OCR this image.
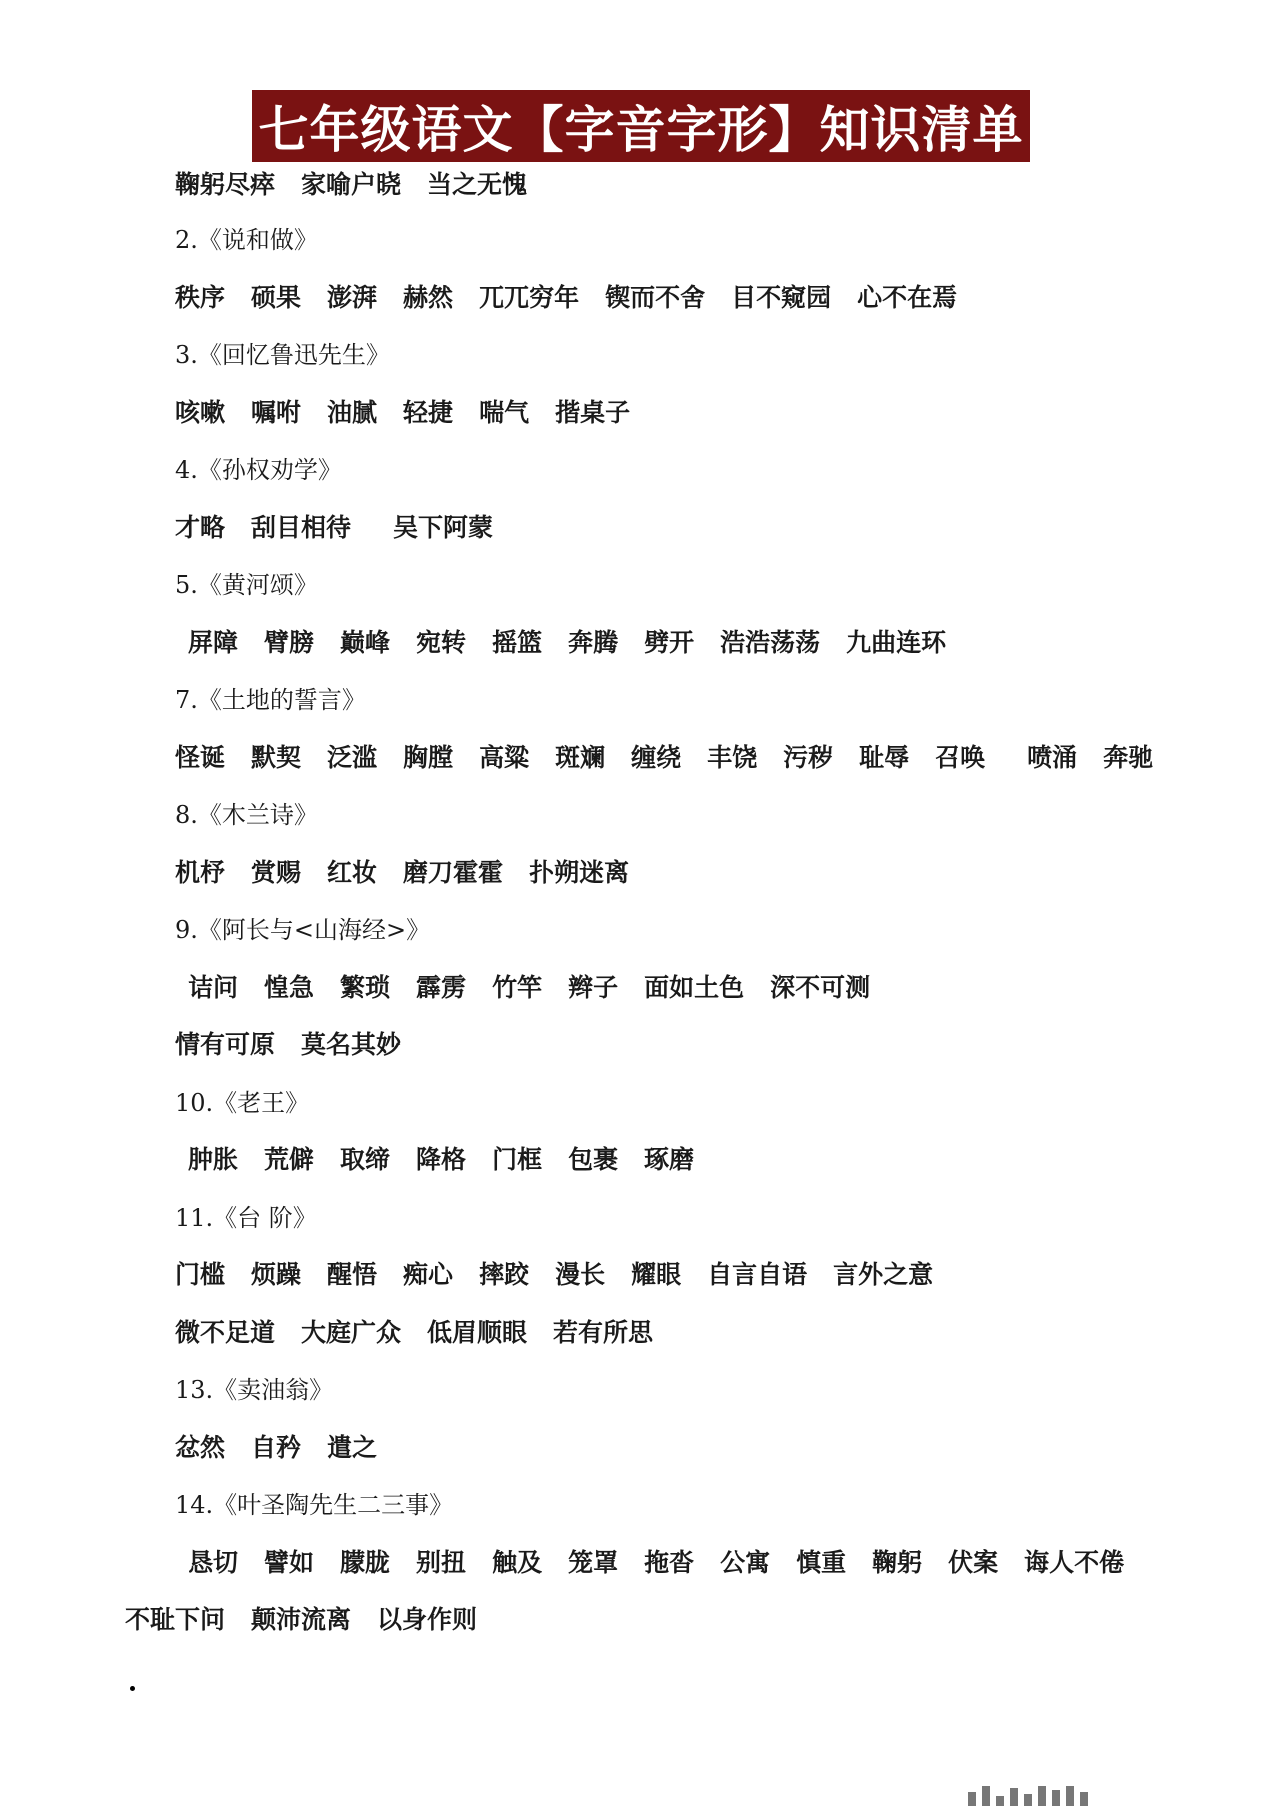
七年级语文【字音字形】知识清单
鞠躬尽瘁 家喻户晓 当之无愧
2.《说和做》
秩序 硕果 澎湃 赫然 兀兀穷年 锲而不舍 目不窥园 心不在焉
3.《回忆鲁迅先生》
咳嗽 嘱咐 油腻 轻捷 喘气 揩桌子
4.《孙权劝学》
才略 刮目相待 吴下阿蒙
5.《黄河颂》
屏障 臂膀 巅峰 宛转 摇篮 奔腾 劈开 浩浩荡荡 九曲连环
7.《土地的誓言》
怪诞 默契 泛滥 胸膛 高粱 斑斓 缠绕 丰饶 污秽 耻辱 召唤 喷涌 奔驰
8.《木兰诗》
机杼 赏赐 红妆 磨刀霍霍 扑朔迷离
9.《阿长与<山海经>》
诘问 惶急 繁琐 霹雳 竹竿 辫子 面如土色 深不可测
情有可原 莫名其妙
10.《老王》
肿胀 荒僻 取缔 降格 门框 包裹 琢磨
11.《台 阶》
门槛 烦躁 醒悟 痴心 摔跤 漫长 耀眼 自言自语 言外之意
微不足道 大庭广众 低眉顺眼 若有所思
13.《卖油翁》
忿然 自矜 遣之
14.《叶圣陶先生二三事》
恳切 譬如 朦胧 别扭 触及 笼罩 拖沓 公寓 慎重 鞠躬 伏案 诲人不倦
不耻下问 颠沛流离 以身作则
